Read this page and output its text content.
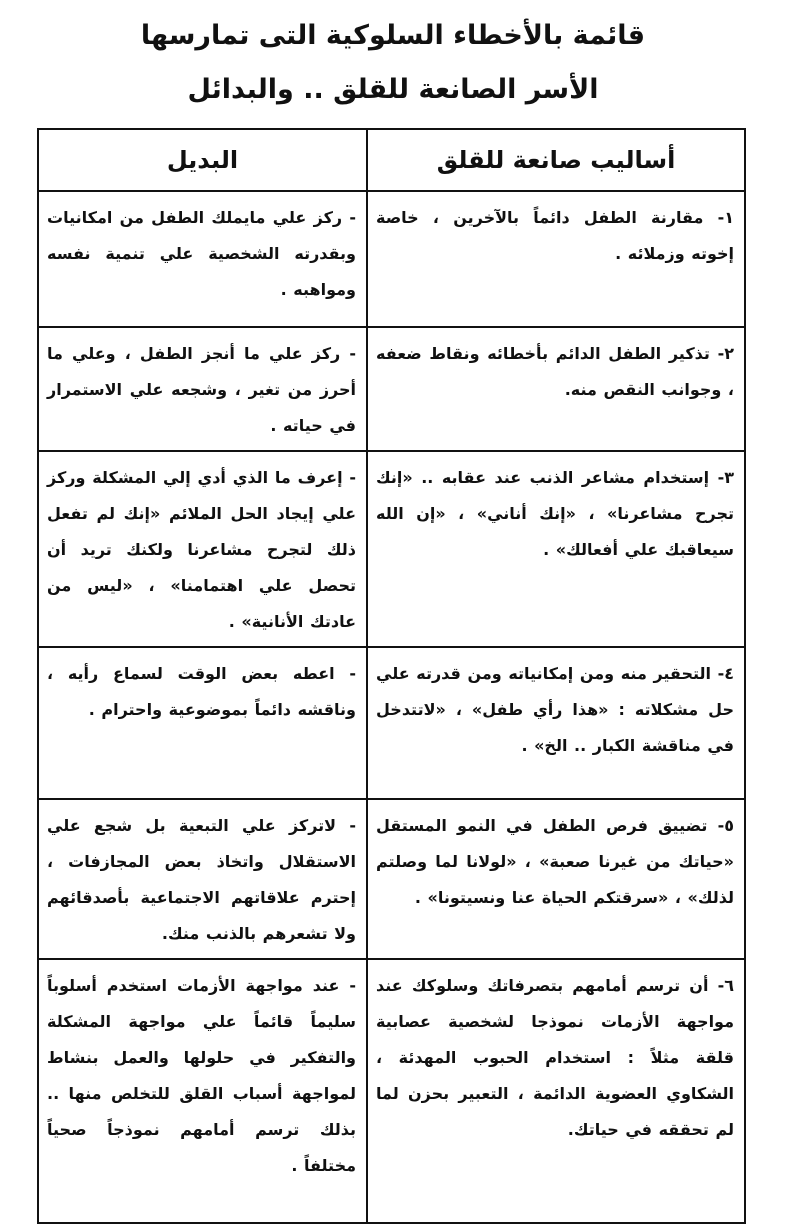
قائمة بالأخطاء السلوكية التى تمارسها
الأسر الصانعة للقلق .. والبدائل
أساليب صانعة للقلق	البديل
١- مقارنة الطفل دائماً بالآخرين ، خاصة إخوته وزملائه .	- ركز علي مايملك الطفل من امكانيات وبقدرته الشخصية علي تنمية نفسه ومواهبه .
٢- تذكير الطفل الدائم بأخطائه ونقاط ضعفه ، وجوانب النقص منه.	- ركز علي ما أنجز الطفل ، وعلي ما أحرز من تغير ، وشجعه علي الاستمرار في حياته .
٣- إستخدام مشاعر الذنب عند عقابه .. «إنك تجرح مشاعرنا» ، «إنك أناني» ، «إن الله سيعاقبك علي أفعالك» .	- إعرف ما الذي أدي إلي المشكلة وركز علي إيجاد الحل الملائم «إنك لم تفعل ذلك لتجرح مشاعرنا ولكنك تريد أن تحصل علي اهتمامنا» ، «ليس من عادتك الأنانية» .
٤- التحقير منه ومن إمكانياته ومن قدرته علي حل مشكلاته : «هذا رأي طفل» ، «لاتتدخل في مناقشة الكبار .. الخ» .	- اعطه بعض الوقت لسماع رأيه ، وناقشه دائماً بموضوعية واحترام .
٥- تضييق فرص الطفل في النمو المستقل «حياتك من غيرنا صعبة» ، «لولانا لما وصلتم لذلك» ، «سرقتكم الحياة عنا ونسيتونا» .	- لاتركز علي التبعية بل شجع علي الاستقلال واتخاذ بعض المجازفات ، إحترم علاقاتهم الاجتماعية بأصدقائهم ولا تشعرهم بالذنب منك.
٦- أن ترسم أمامهم بتصرفاتك وسلوكك عند مواجهة الأزمات نموذجا لشخصية عصابية قلقة مثلاً : استخدام الحبوب المهدئة ، الشكاوي العضوية الدائمة ، التعبير بحزن لما لم تحققه في حياتك.	- عند مواجهة الأزمات استخدم أسلوباً سليماً قائماً علي مواجهة المشكلة والتفكير في حلولها والعمل بنشاط لمواجهة أسباب القلق للتخلص منها .. بذلك ترسم أمامهم نموذجاً صحياً مختلفاً .
